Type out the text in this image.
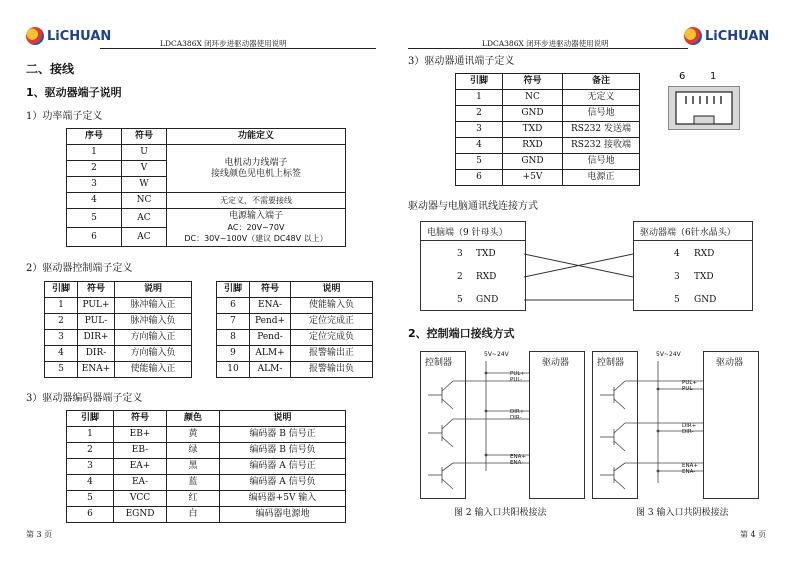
LiCHUAN	LDCA386X 闭环步进驱动器使用说明
二、接线
1、驱动器端子说明
1）功率端子定义
序号	符号	功能定义
1	U	电机动力线端子
接线颜色见电机上标签

2	V	
3	W	
4	NC	无定义，不需要接线
5	AC	电源输入端子
AC：20V~70V
DC：30V~100V（建议 DC48V 以上）

6	AC	
2）驱动器控制端子定义
引脚	符号	说明
1	PUL+	脉冲输入正
2	PUL-	脉冲输入负
3	DIR+	方向输入正
4	DIR-	方向输入负
5	ENA+	使能输入正
引脚	符号	说明
6	ENA-	使能输入负
7	Pend+	定位完成正
8	Pend-	定位完成负
9	ALM+	报警输出正
10	ALM-	报警输出负
3）驱动器编码器端子定义
引脚	符号	颜色	说明
1	EB+	黄	编码器 B 信号正
2	EB-	绿	编码器 B 信号负
3	EA+	黑	编码器 A 信号正
4	EA-	蓝	编码器 A 信号负
5	VCC	红	编码器+5V 输入
6	EGND	白	编码器电源地
第 3 页
LDCA386X 闭环步进驱动器使用说明	LiCHUAN
3）驱动器通讯端子定义
引脚	符号	备注
1	NC	无定义
2	GND	信号地
3	TXD	RS232 发送端
4	RXD	RS232 接收端
5	GND	信号地
6	+5V	电源正
6 1
驱动器与电脑通讯线连接方式
电脑端（9 针母头）
3 TXD
2 RXD
5 GND
驱动器端（6针水晶头）
4 RXD
3 TXD
5 GND
2、控制端口接线方式
控制器	驱动器
5V~24V
PUL+
PUL-
DIR+
DIR-
ENA+
ENA-
图 2 输入口共阳极接法
控制器	驱动器
5V~24V
PUL+
PUL-
DIR+
DIR-
ENA+
ENA-
图 3 输入口共阴极接法
第 4 页
